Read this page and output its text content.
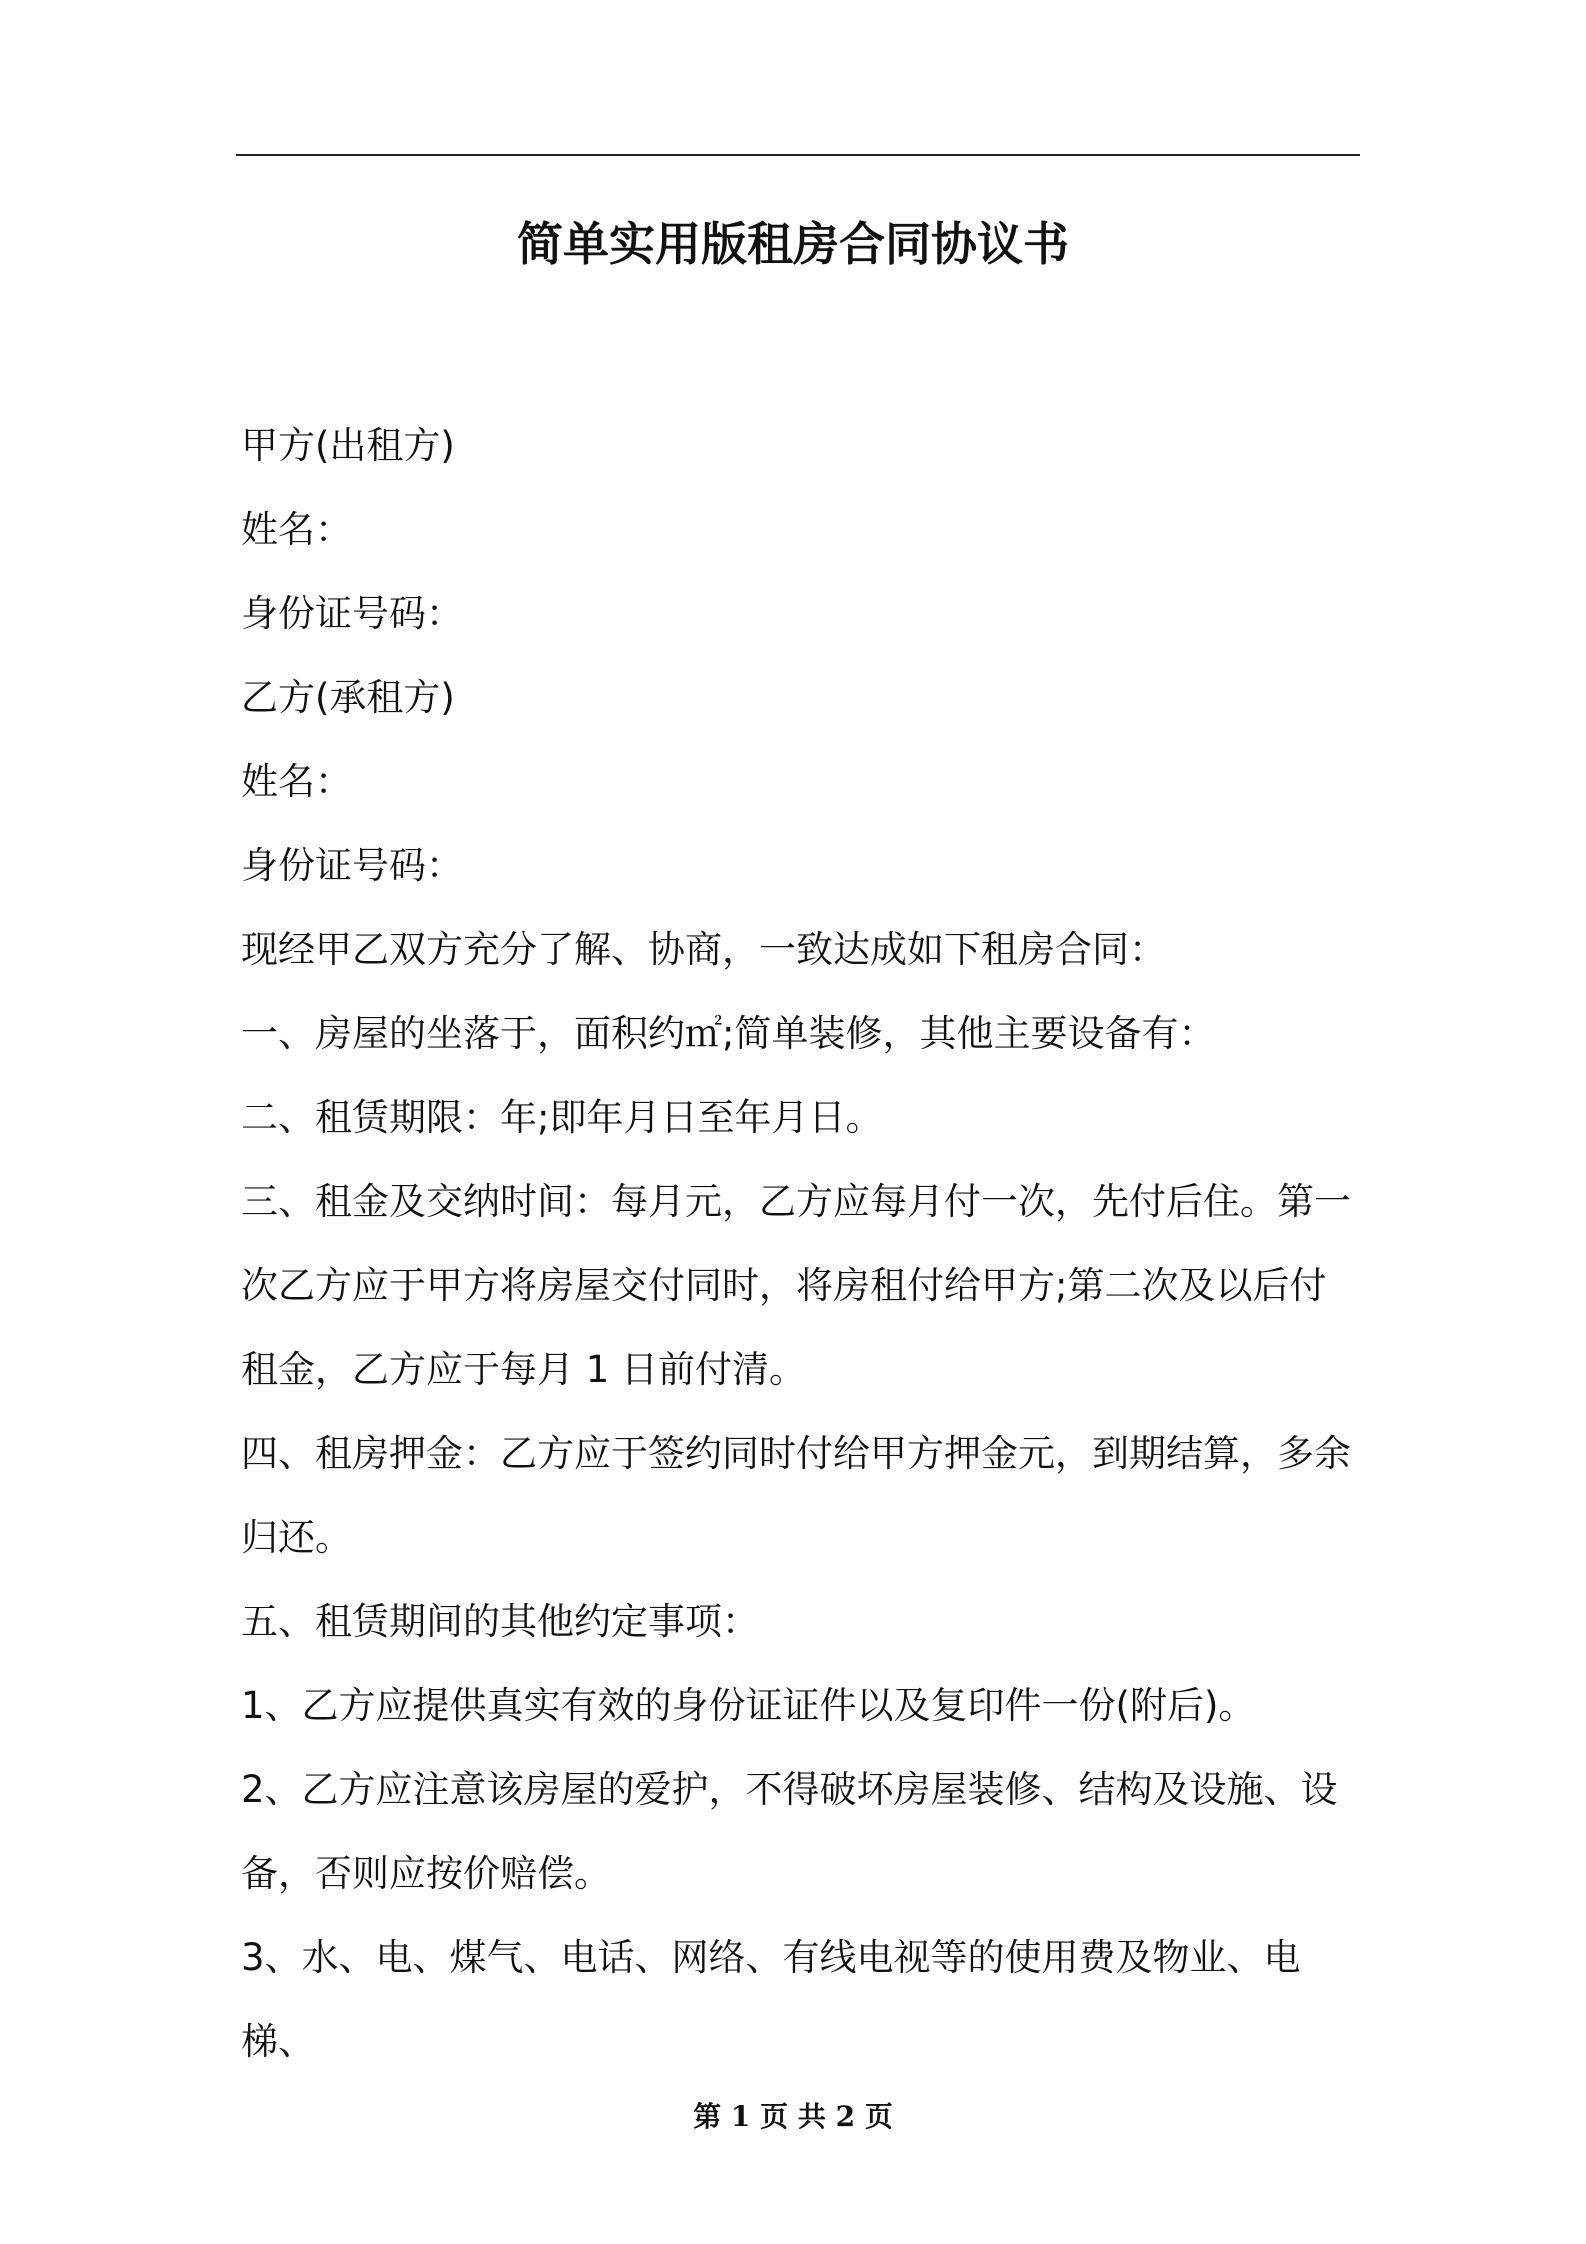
简单实用版租房合同协议书

甲方(出租方)

姓名：

身份证号码：

乙方(承租方)

姓名：

身份证号码：

现经甲乙双方充分了解、协商，一致达成如下租房合同：

一、房屋的坐落于，面积约㎡;简单装修，其他主要设备有：

二、租赁期限：年;即年月日至年月日。

三、租金及交纳时间：每月元，乙方应每月付一次，先付后住。第一次乙方应于甲方将房屋交付同时，将房租付给甲方;第二次及以后付租金，乙方应于每月 1 日前付清。

四、租房押金：乙方应于签约同时付给甲方押金元，到期结算，多余归还。

五、租赁期间的其他约定事项：

1、乙方应提供真实有效的身份证证件以及复印件一份(附后)。

2、乙方应注意该房屋的爱护，不得破坏房屋装修、结构及设施、设备，否则应按价赔偿。

3、水、电、煤气、电话、网络、有线电视等的使用费及物业、电梯、

第 1 页 共 2 页
